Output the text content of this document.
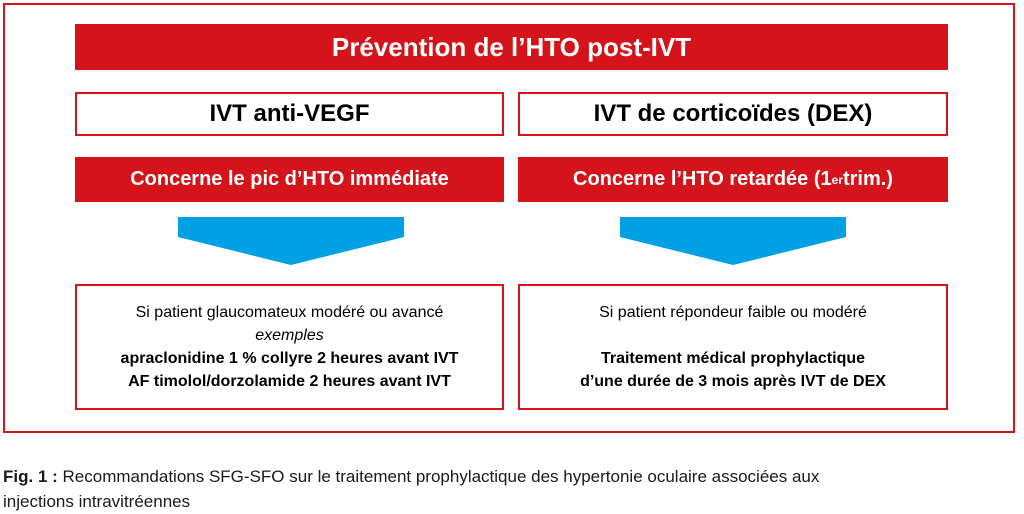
Prévention de l’HTO post-IVT
IVT anti-VEGF	IVT de corticoïdes (DEX)
Concerne le pic d’HTO immédiate	Concerne l’HTO retardée (1 er trim.)
Si patient glaucomateux modéré ou avancé
exemples
apraclonidine 1 % collyre 2 heures avant IVT
AF timolol/dorzolamide 2 heures avant IVT
Si patient répondeur faible ou modéré
Traitement médical prophylactique
d’une durée de 3 mois après IVT de DEX
Fig. 1 : Recommandations SFG-SFO sur le traitement prophylactique des hypertonie oculaire associées aux
injections intravitréennes
